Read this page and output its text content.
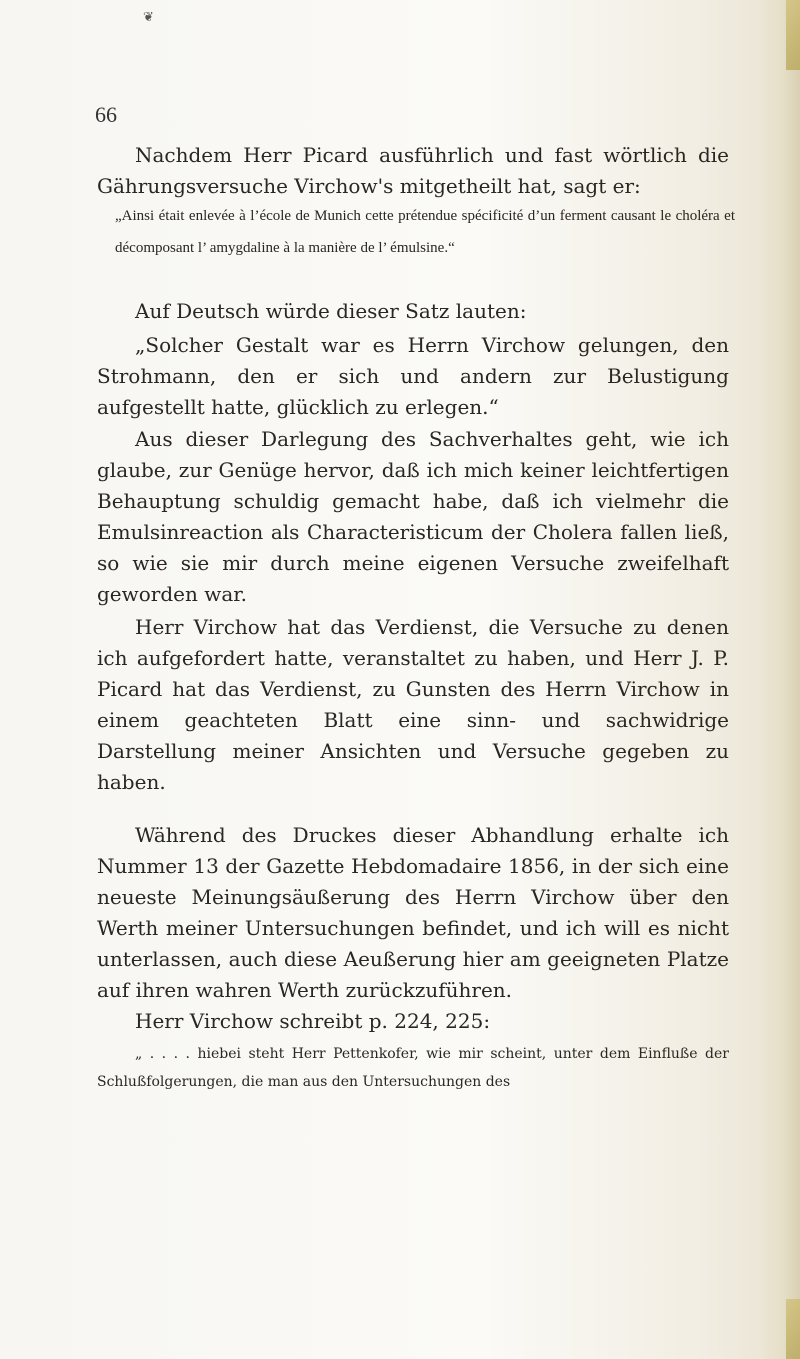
❦
66
Nachdem Herr Picard ausführlich und fast wörtlich die Gährungsversuche Virchow's mitgetheilt hat, sagt er:
„Ainsi était enlevée à l’école de Munich cette prétendue spécificité d’un ferment causant le choléra et décomposant l’ amygdaline à la manière de l’ émulsine.“
Auf Deutsch würde dieser Satz lauten:
„Solcher Gestalt war es Herrn Virchow gelungen, den Strohmann, den er sich und andern zur Belustigung aufgestellt hatte, glücklich zu erlegen.“
Aus dieser Darlegung des Sachverhaltes geht, wie ich glaube, zur Genüge hervor, daß ich mich keiner leichtfertigen Behauptung schuldig gemacht habe, daß ich vielmehr die Emulsinreaction als Characteristicum der Cholera fallen ließ, so wie sie mir durch meine eigenen Versuche zweifelhaft geworden war.
Herr Virchow hat das Verdienst, die Versuche zu denen ich aufgefordert hatte, veranstaltet zu haben, und Herr J. P. Picard hat das Verdienst, zu Gunsten des Herrn Virchow in einem geachteten Blatt eine sinn- und sachwidrige Darstellung meiner Ansichten und Versuche gegeben zu haben.
Während des Druckes dieser Abhandlung erhalte ich Nummer 13 der Gazette Hebdomadaire 1856, in der sich eine neueste Meinungsäußerung des Herrn Virchow über den Werth meiner Untersuchungen befindet, und ich will es nicht unterlassen, auch diese Aeußerung hier am geeigneten Platze auf ihren wahren Werth zurückzuführen.
Herr Virchow schreibt p. 224, 225:
„ . . . . hiebei steht Herr Pettenkofer, wie mir scheint, unter dem Einfluße der Schlußfolgerungen, die man aus den Untersuchungen des
